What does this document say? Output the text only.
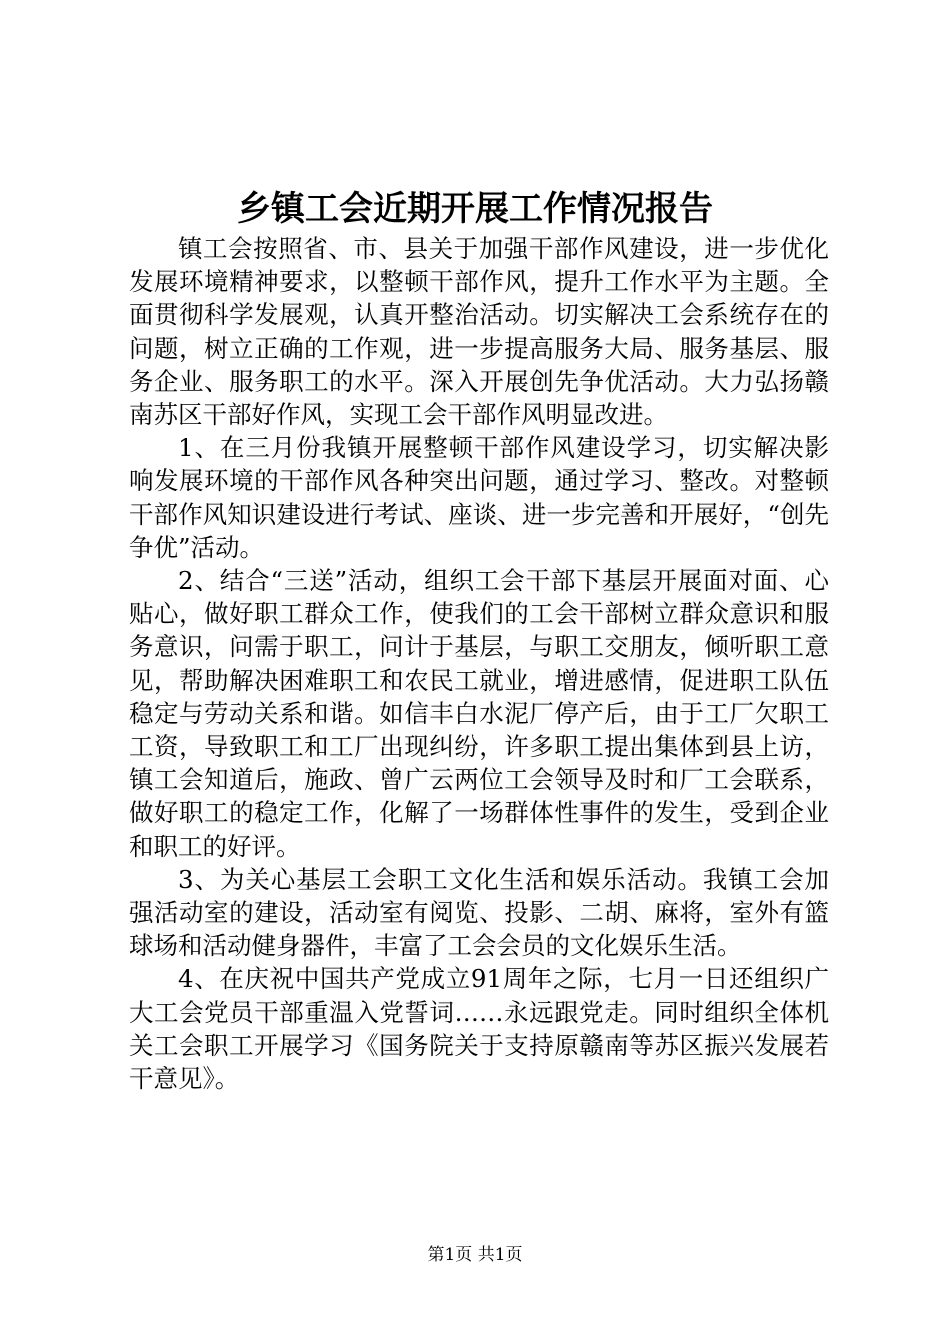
乡镇工会近期开展工作情况报告

镇工会按照省、市、县关于加强干部作风建设，进一步优化发展环境精神要求，以整顿干部作风，提升工作水平为主题。全面贯彻科学发展观，认真开整治活动。切实解决工会系统存在的问题，树立正确的工作观，进一步提高服务大局、服务基层、服务企业、服务职工的水平。深入开展创先争优活动。大力弘扬赣南苏区干部好作风，实现工会干部作风明显改进。

1、在三月份我镇开展整顿干部作风建设学习，切实解决影响发展环境的干部作风各种突出问题，通过学习、整改。对整顿干部作风知识建设进行考试、座谈、进一步完善和开展好，“创先争优”活动。

2、结合“三送”活动，组织工会干部下基层开展面对面、心贴心，做好职工群众工作，使我们的工会干部树立群众意识和服务意识，问需于职工，问计于基层，与职工交朋友，倾听职工意见，帮助解决困难职工和农民工就业，增进感情，促进职工队伍稳定与劳动关系和谐。如信丰白水泥厂停产后，由于工厂欠职工工资，导致职工和工厂出现纠纷，许多职工提出集体到县上访，镇工会知道后，施政、曾广云两位工会领导及时和厂工会联系，做好职工的稳定工作，化解了一场群体性事件的发生，受到企业和职工的好评。

3、为关心基层工会职工文化生活和娱乐活动。我镇工会加强活动室的建设，活动室有阅览、投影、二胡、麻将，室外有篮球场和活动健身器件，丰富了工会会员的文化娱乐生活。

4、在庆祝中国共产党成立91周年之际，七月一日还组织广大工会党员干部重温入党誓词……永远跟党走。同时组织全体机关工会职工开展学习《国务院关于支持原赣南等苏区振兴发展若干意见》。

第1页 共1页
